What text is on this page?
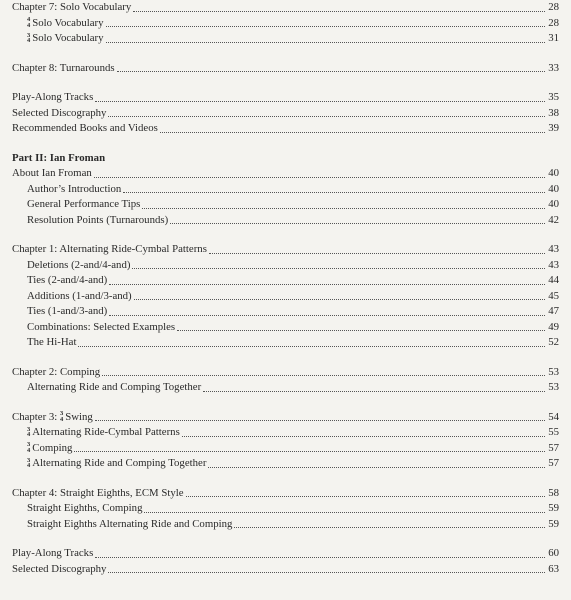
Chapter 7: Solo Vocabulary	28
4
4 Solo Vocabulary	28
3
4 Solo Vocabulary	31
Chapter 8: Turnarounds	33
Play-Along Tracks	35
Selected Discography	38
Recommended Books and Videos	39
Part II: Ian Froman
About Ian Froman	40
Author’s Introduction	40
General Performance Tips	40
Resolution Points (Turnarounds)	42
Chapter 1: Alternating Ride-Cymbal Patterns	43
Deletions (2-and/4-and)	43
Ties (2-and/4-and)	44
Additions (1-and/3-and)	45
Ties (1-and/3-and)	47
Combinations: Selected Examples	49
The Hi-Hat	52
Chapter 2: Comping	53
Alternating Ride and Comping Together	53
Chapter 3: 3
4 Swing	54
3
4 Alternating Ride-Cymbal Patterns	55
3
4 Comping	57
3
4 Alternating Ride and Comping Together	57
Chapter 4: Straight Eighths, ECM Style	58
Straight Eighths, Comping	59
Straight Eighths Alternating Ride and Comping	59
Play-Along Tracks	60
Selected Discography	63
